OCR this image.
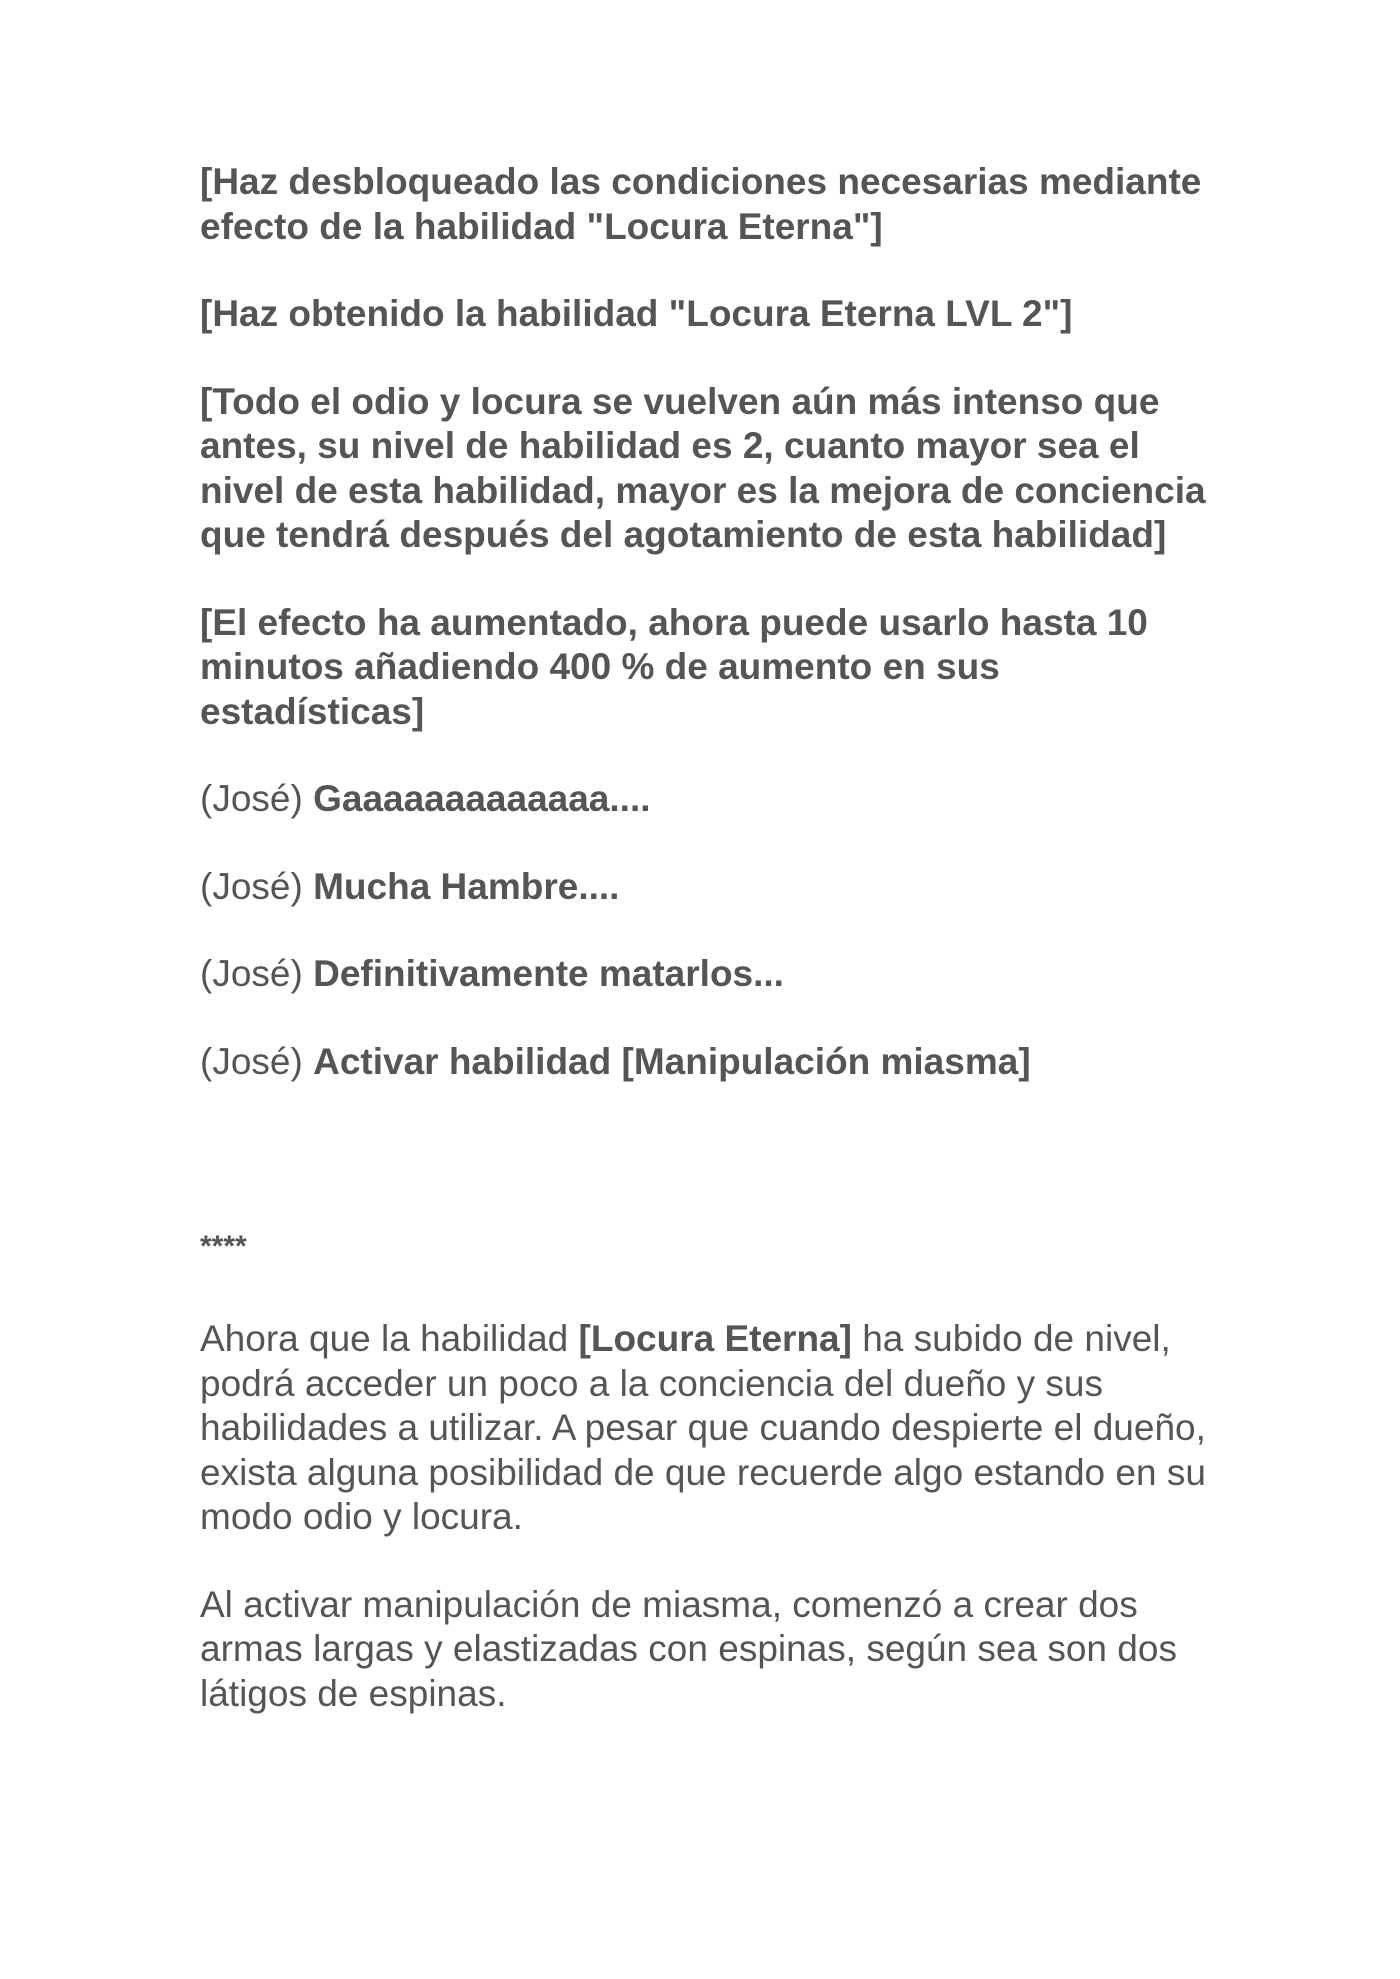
[Haz desbloqueado las condiciones necesarias mediante efecto de la habilidad "Locura Eterna"]

[Haz obtenido la habilidad "Locura Eterna LVL 2"]

[Todo el odio y locura se vuelven aún más intenso que antes, su nivel de habilidad es 2, cuanto mayor sea el nivel de esta habilidad, mayor es la mejora de conciencia que tendrá después del agotamiento de esta habilidad]

[El efecto ha aumentado, ahora puede usarlo hasta 10 minutos añadiendo 400 % de aumento en sus estadísticas]

(José) Gaaaaaaaaaaaaa....

(José) Mucha Hambre....

(José) Definitivamente matarlos...

(José) Activar habilidad [Manipulación miasma]

****

Ahora que la habilidad [Locura Eterna] ha subido de nivel, podrá acceder un poco a la conciencia del dueño y sus habilidades a utilizar. A pesar que cuando despierte el dueño, exista alguna posibilidad de que recuerde algo estando en su modo odio y locura.

Al activar manipulación de miasma, comenzó a crear dos armas largas y elastizadas con espinas, según sea son dos látigos de espinas.
